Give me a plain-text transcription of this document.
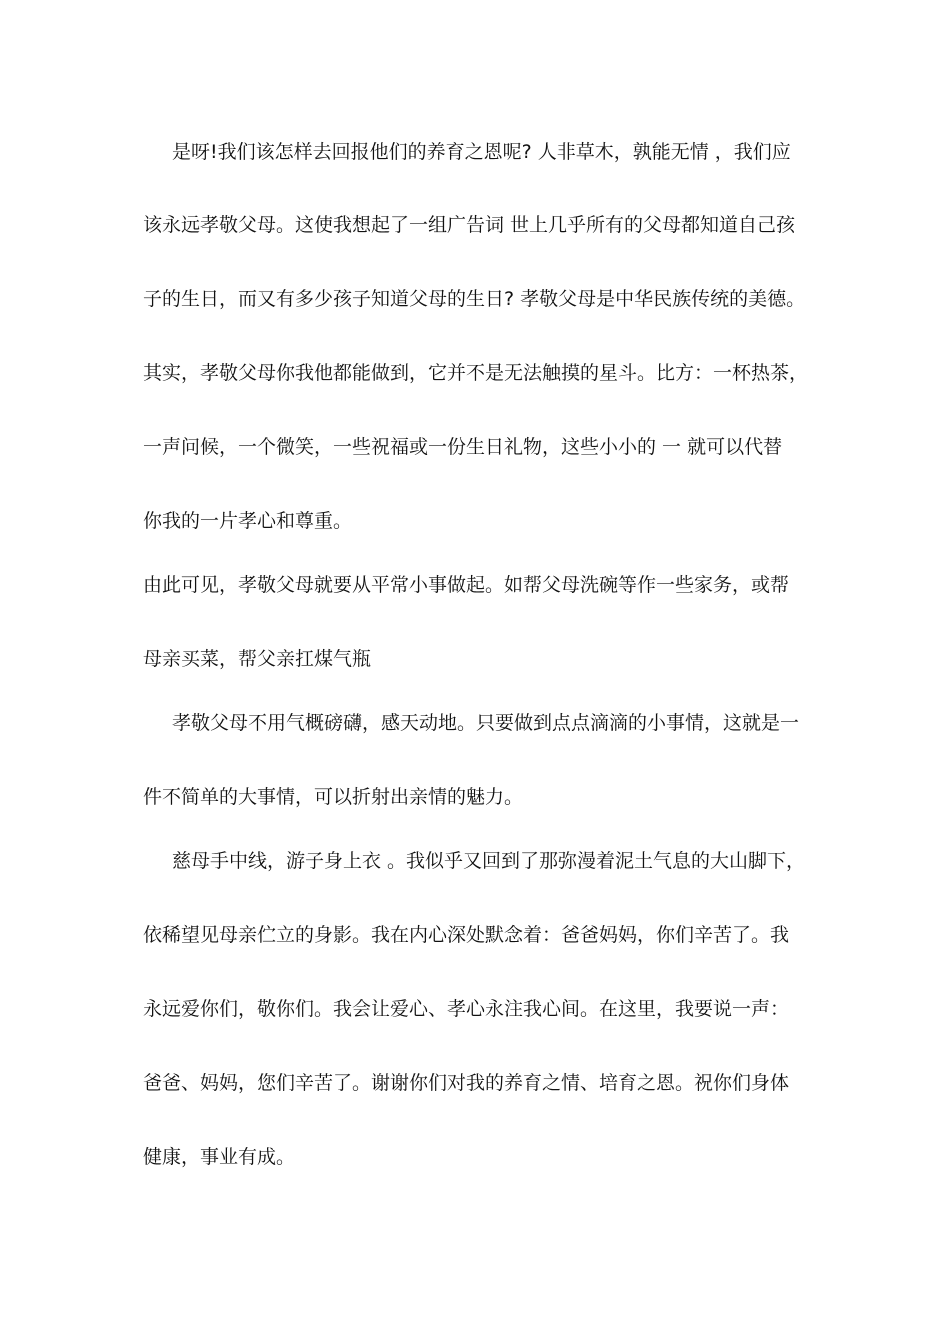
是呀!我们该怎样去回报他们的养育之恩呢? 人非草木，孰能无情 ，我们应
该永远孝敬父母。这使我想起了一组广告词 世上几乎所有的父母都知道自己孩
子的生日，而又有多少孩子知道父母的生日? 孝敬父母是中华民族传统的美德。
其实，孝敬父母你我他都能做到，它并不是无法触摸的星斗。比方：一杯热茶，
一声问候，一个微笑，一些祝福或一份生日礼物，这些小小的 一 就可以代替
你我的一片孝心和尊重。
由此可见，孝敬父母就要从平常小事做起。如帮父母洗碗等作一些家务，或帮
母亲买菜，帮父亲扛煤气瓶
孝敬父母不用气概磅礴，感天动地。只要做到点点滴滴的小事情，这就是一
件不简单的大事情，可以折射出亲情的魅力。
慈母手中线，游子身上衣 。我似乎又回到了那弥漫着泥土气息的大山脚下，
依稀望见母亲伫立的身影。我在内心深处默念着：爸爸妈妈，你们辛苦了。我
永远爱你们，敬你们。我会让爱心、孝心永注我心间。在这里，我要说一声：
爸爸、妈妈，您们辛苦了。谢谢你们对我的养育之情、培育之恩。祝你们身体
健康，事业有成。
